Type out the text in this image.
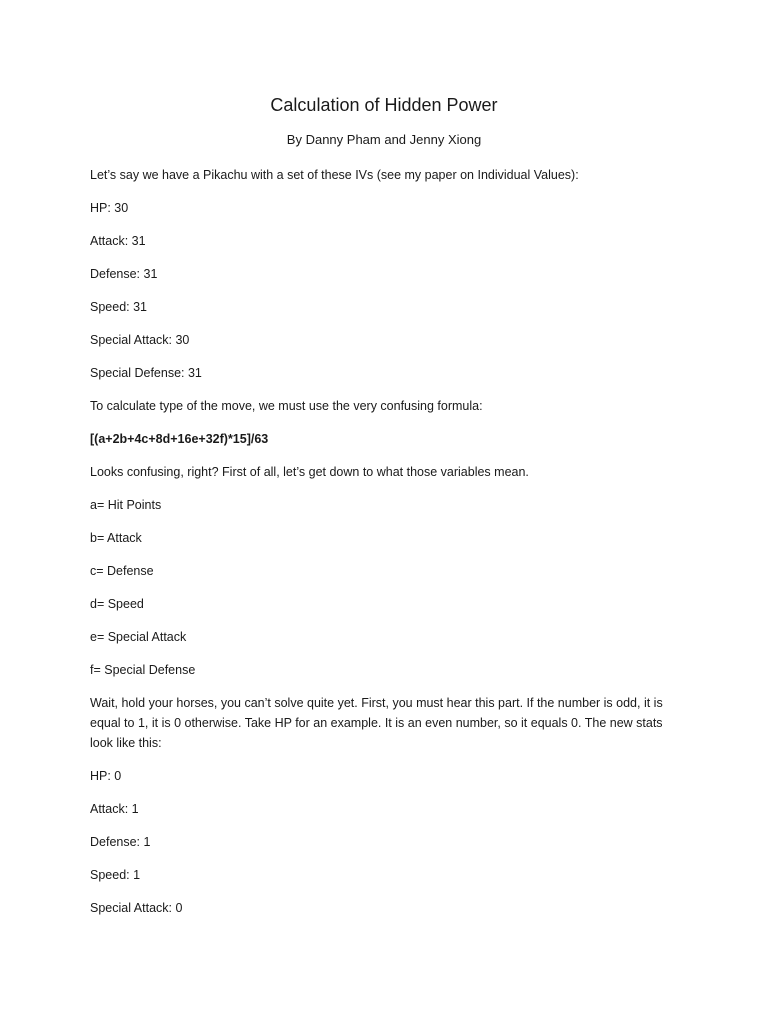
Calculation of Hidden Power

By Danny Pham and Jenny Xiong

Let’s say we have a Pikachu with a set of these IVs (see my paper on Individual Values):

HP: 30

Attack: 31

Defense: 31

Speed: 31

Special Attack: 30

Special Defense: 31

To calculate type of the move, we must use the very confusing formula:

[(a+2b+4c+8d+16e+32f)*15]/63

Looks confusing, right? First of all, let’s get down to what those variables mean.

a= Hit Points

b= Attack

c= Defense

d= Speed

e= Special Attack

f= Special Defense

Wait, hold your horses, you can’t solve quite yet. First, you must hear this part. If the number is odd, it is equal to 1, it is 0 otherwise. Take HP for an example. It is an even number, so it equals 0. The new stats look like this:

HP: 0

Attack: 1

Defense: 1

Speed: 1

Special Attack: 0
